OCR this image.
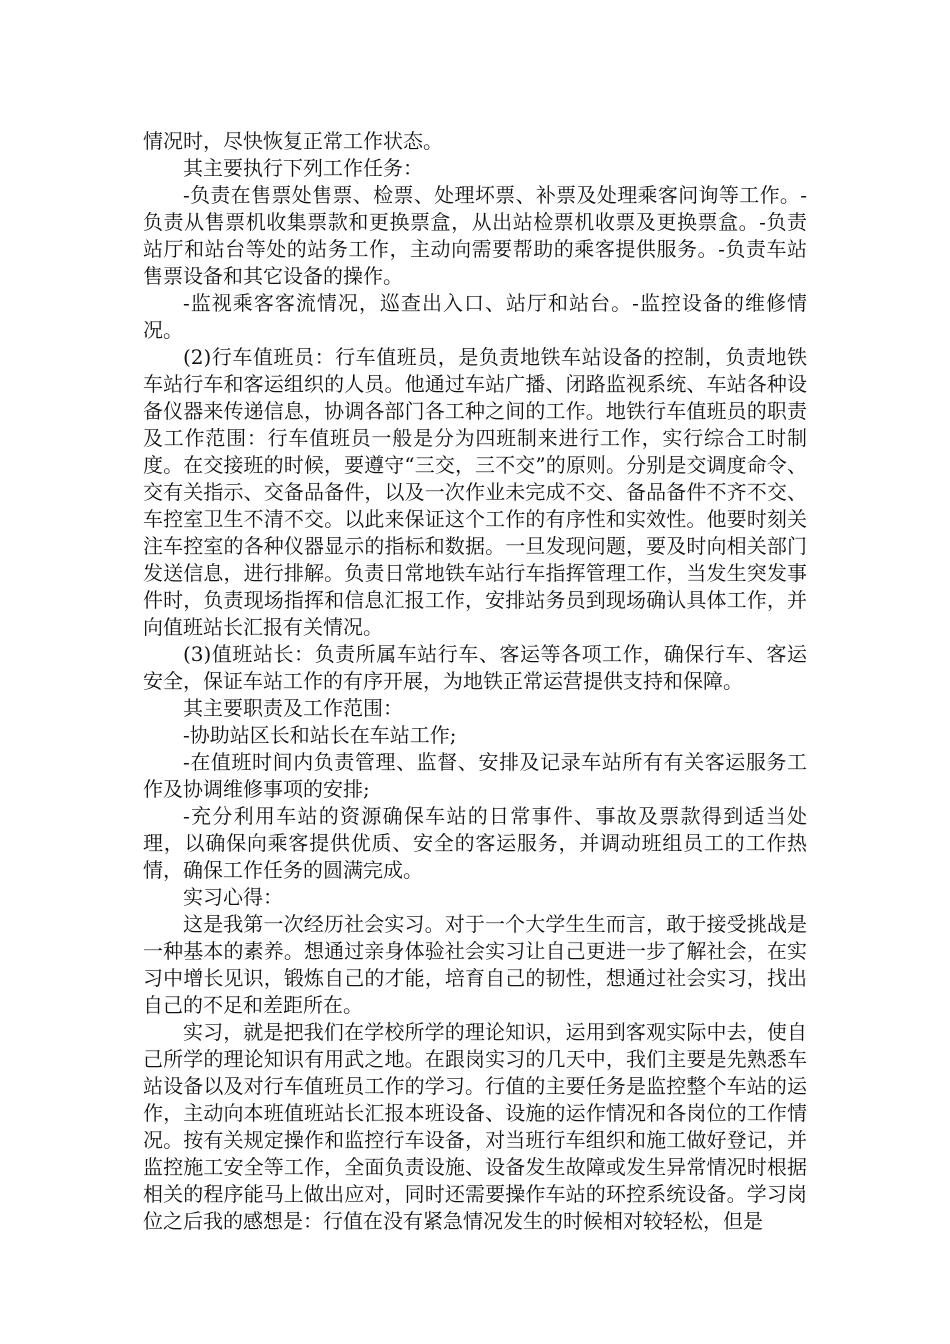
情况时，尽快恢复正常工作状态。

其主要执行下列工作任务：

-负责在售票处售票、检票、处理坏票、补票及处理乘客问询等工作。-负责从售票机收集票款和更换票盒，从出站检票机收票及更换票盒。-负责站厅和站台等处的站务工作，主动向需要帮助的乘客提供服务。-负责车站售票设备和其它设备的操作。

-监视乘客客流情况，巡查出入口、站厅和站台。-监控设备的维修情况。

(2)行车值班员：行车值班员，是负责地铁车站设备的控制，负责地铁车站行车和客运组织的人员。他通过车站广播、闭路监视系统、车站各种设备仪器来传递信息，协调各部门各工种之间的工作。地铁行车值班员的职责及工作范围：行车值班员一般是分为四班制来进行工作，实行综合工时制度。在交接班的时候，要遵守“三交，三不交”的原则。分别是交调度命令、交有关指示、交备品备件，以及一次作业未完成不交、备品备件不齐不交、车控室卫生不清不交。以此来保证这个工作的有序性和实效性。他要时刻关注车控室的各种仪器显示的指标和数据。一旦发现问题，要及时向相关部门发送信息，进行排解。负责日常地铁车站行车指挥管理工作，当发生突发事件时，负责现场指挥和信息汇报工作，安排站务员到现场确认具体工作，并向值班站长汇报有关情况。

(3)值班站长：负责所属车站行车、客运等各项工作，确保行车、客运安全，保证车站工作的有序开展，为地铁正常运营提供支持和保障。

其主要职责及工作范围：

-协助站区长和站长在车站工作;

-在值班时间内负责管理、监督、安排及记录车站所有有关客运服务工作及协调维修事项的安排;

-充分利用车站的资源确保车站的日常事件、事故及票款得到适当处理，以确保向乘客提供优质、安全的客运服务，并调动班组员工的工作热情，确保工作任务的圆满完成。

实习心得：

这是我第一次经历社会实习。对于一个大学生生而言，敢于接受挑战是一种基本的素养。想通过亲身体验社会实习让自己更进一步了解社会，在实习中增长见识，锻炼自己的才能，培育自己的韧性，想通过社会实习，找出自己的不足和差距所在。

实习，就是把我们在学校所学的理论知识，运用到客观实际中去，使自己所学的理论知识有用武之地。在跟岗实习的几天中，我们主要是先熟悉车站设备以及对行车值班员工作的学习。行值的主要任务是监控整个车站的运作，主动向本班值班站长汇报本班设备、设施的运作情况和各岗位的工作情况。按有关规定操作和监控行车设备，对当班行车组织和施工做好登记，并监控施工安全等工作，全面负责设施、设备发生故障或发生异常情况时根据相关的程序能马上做出应对，同时还需要操作车站的环控系统设备。学习岗位之后我的感想是：行值在没有紧急情况发生的时候相对较轻松，但是
